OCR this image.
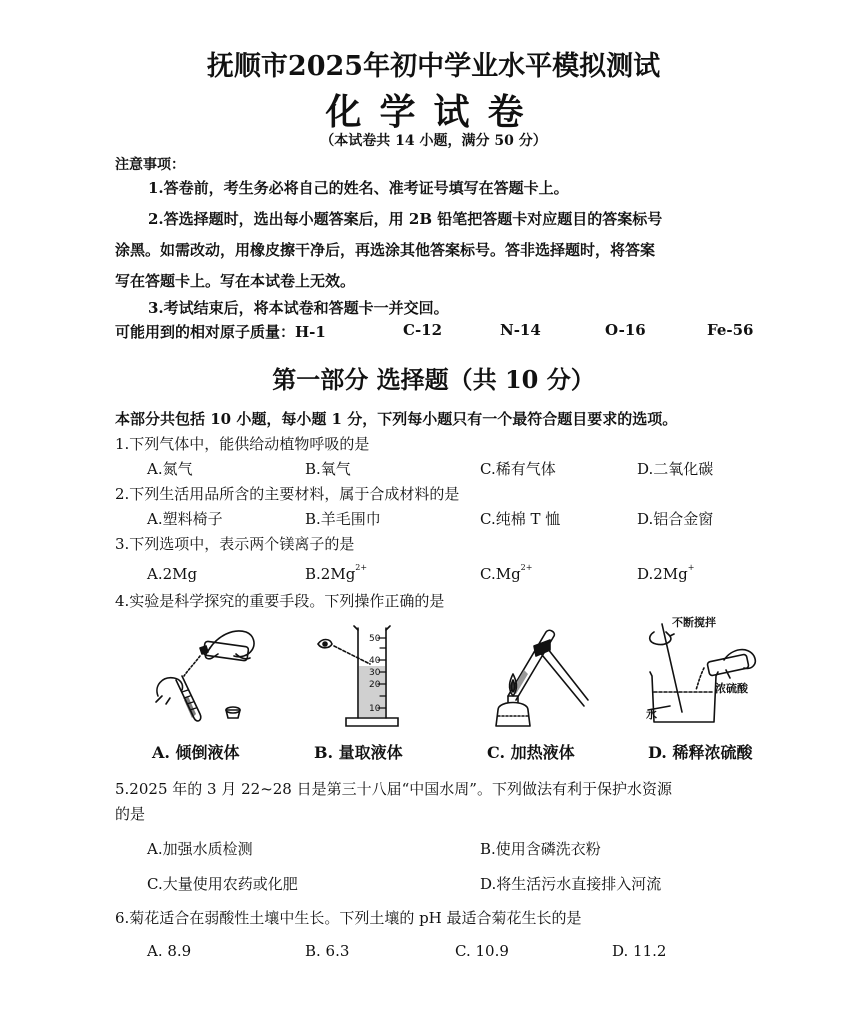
抚顺市2025年初中学业水平模拟测试
化学试卷
（本试卷共 14 小题，满分 50 分）
注意事项：
1.答卷前，考生务必将自己的姓名、准考证号填写在答题卡上。
2.答选择题时，选出每小题答案后，用 2B 铅笔把答题卡对应题目的答案标号
涂黑。如需改动，用橡皮擦干净后，再选涂其他答案标号。答非选择题时，将答案
写在答题卡上。写在本试卷上无效。
3.考试结束后，将本试卷和答题卡一并交回。
可能用到的相对原子质量：H-1	C-12	N-14	O-16	Fe-56
第一部分 选择题（共 10 分）
本部分共包括 10 小题，每小题 1 分，下列每小题只有一个最符合题目要求的选项。
1.下列气体中，能供给动植物呼吸的是
A.氮气	B.氧气	C.稀有气体	D.二氧化碳
2.下列生活用品所含的主要材料，属于合成材料的是
A.塑料椅子	B.羊毛围巾	C.纯棉 T 恤	D.铝合金窗
3.下列选项中，表示两个镁离子的是
A.2Mg	$B.2Mg^{2+}$	$C.Mg^{2+}$	D.2Mg+
4.实验是科学探究的重要手段。下列操作正确的是
A. 倾倒液体
50
40
30
20
10
B. 量取液体	C. 加热液体
不断搅拌
浓硫酸
水
D. 稀释浓硫酸
5.2025 年的 3 月 22~28 日是第三十八届“中国水周”。下列做法有利于保护水资源
的是
A.加强水质检测	B.使用含磷洗衣粉
C.大量使用农药或化肥	D.将生活污水直接排入河流
6.菊花适合在弱酸性土壤中生长。下列土壤的 pH 最适合菊花生长的是
A. 8.9	B. 6.3	C. 10.9	D. 11.2
